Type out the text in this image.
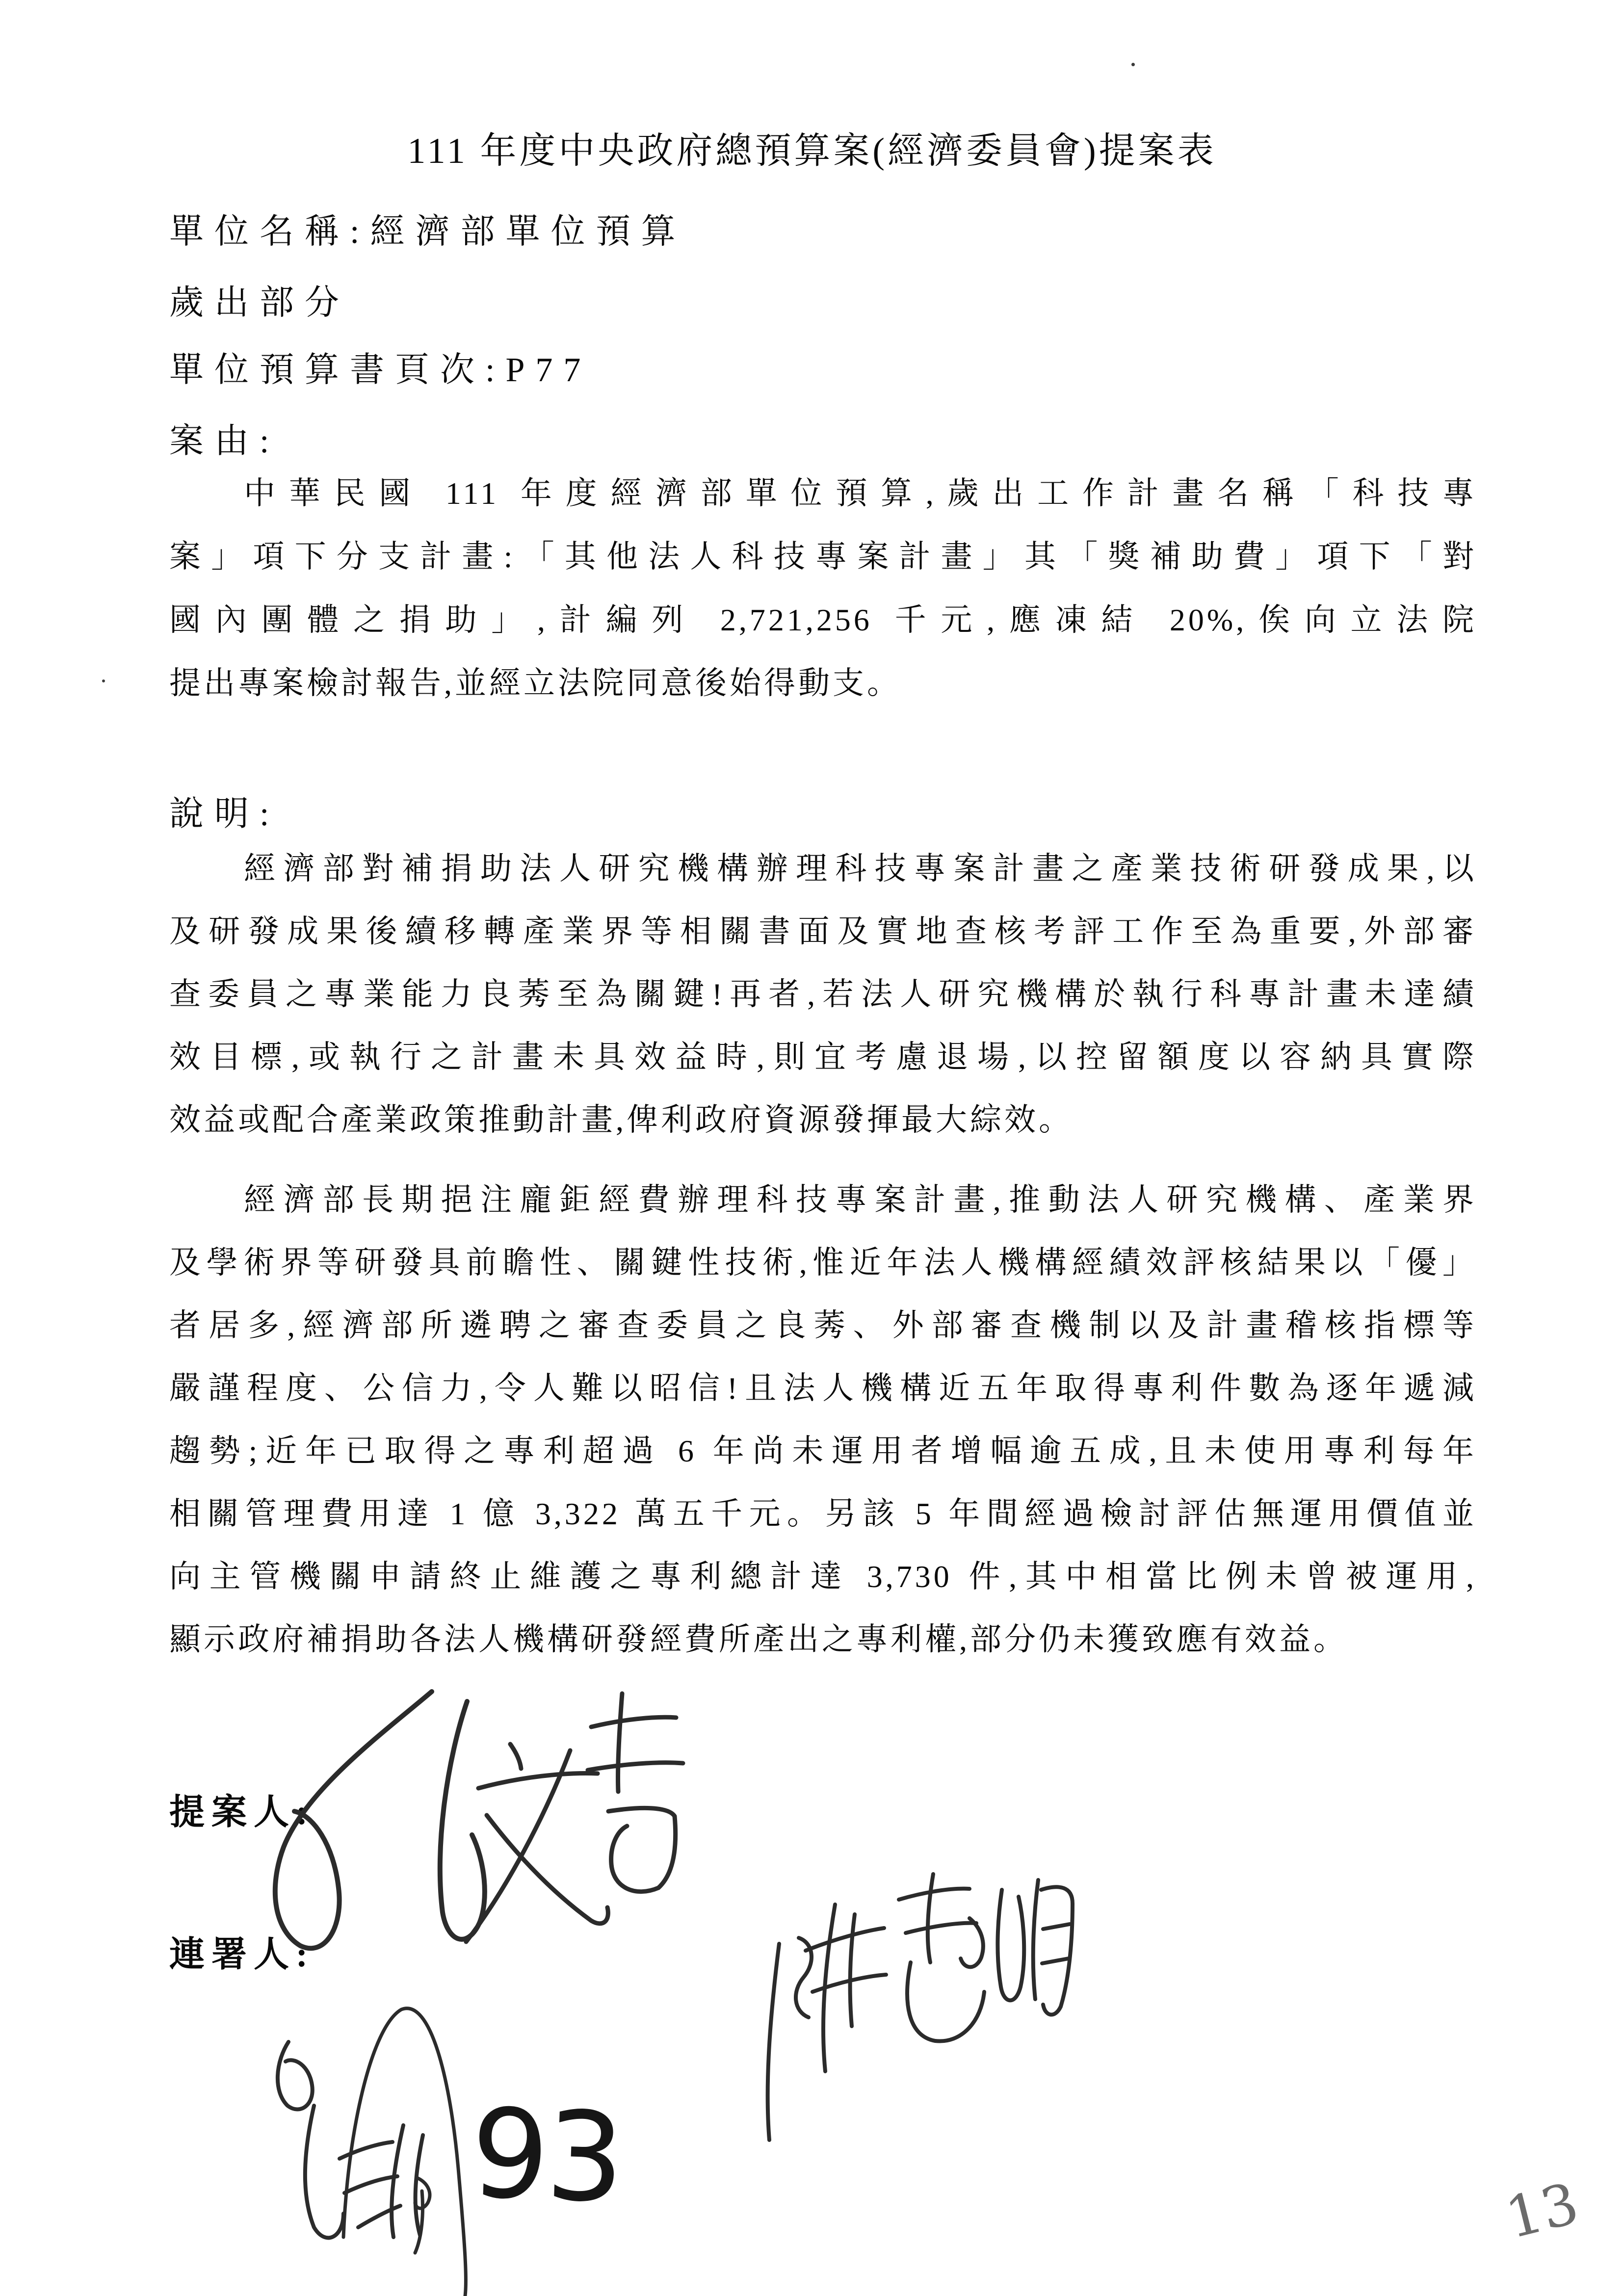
111 年度中央政府總預算案(經濟委員會)提案表
單位名稱:經濟部單位預算
歲出部分
單位預算書頁次:P77
案由:
中華民國 111 年度經濟部單位預算,歲出工作計畫名稱「科技專
案」項下分支計畫:「其他法人科技專案計畫」其「獎補助費」項下「對
國內團體之捐助」,計編列 2,721,256 千元,應凍結 20%,俟向立法院
提出專案檢討報告,並經立法院同意後始得動支。
說明:
經濟部對補捐助法人研究機構辦理科技專案計畫之產業技術研發成果,以
及研發成果後續移轉產業界等相關書面及實地查核考評工作至為重要,外部審
查委員之專業能力良莠至為關鍵!再者,若法人研究機構於執行科專計畫未達績
效目標,或執行之計畫未具效益時,則宜考慮退場,以控留額度以容納具實際
效益或配合產業政策推動計畫,俾利政府資源發揮最大綜效。
經濟部長期挹注龐鉅經費辦理科技專案計畫,推動法人研究機構、產業界
及學術界等研發具前瞻性、關鍵性技術,惟近年法人機構經績效評核結果以「優」
者居多,經濟部所遴聘之審查委員之良莠、外部審查機制以及計畫稽核指標等
嚴謹程度、公信力,令人難以昭信!且法人機構近五年取得專利件數為逐年遞減
趨勢;近年已取得之專利超過 6 年尚未運用者增幅逾五成,且未使用專利每年
相關管理費用達 1 億 3,322 萬五千元。另該 5 年間經過檢討評估無運用價值並
向主管機關申請終止維護之專利總計達 3,730 件,其中相當比例未曾被運用,
顯示政府補捐助各法人機構研發經費所產出之專利權,部分仍未獲致應有效益。
提案人:
連署人:
93	13
